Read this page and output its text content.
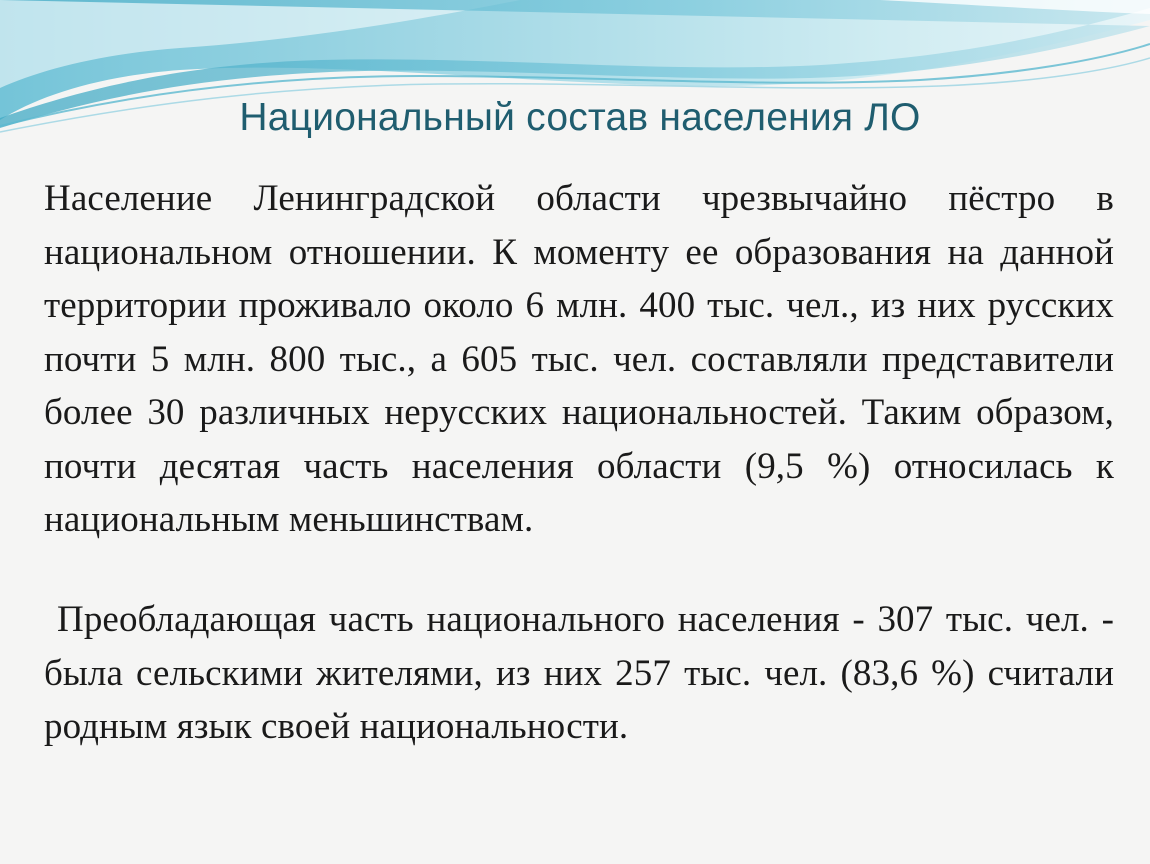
Национальный состав населения ЛО

Население Ленинградской области чрезвычайно пёстро в национальном отношении. К моменту ее образования на данной территории проживало около 6 млн. 400 тыс. чел., из них русских почти 5 млн. 800 тыс., а 605 тыс. чел. составляли представители более 30 различных нерусских национальностей. Таким образом, почти десятая часть населения области (9,5 %) относилась к национальным меньшинствам.

Преобладающая часть национального населения - 307 тыс. чел. - была сельскими жителями, из них 257 тыс. чел. (83,6 %) считали родным язык своей национальности.
